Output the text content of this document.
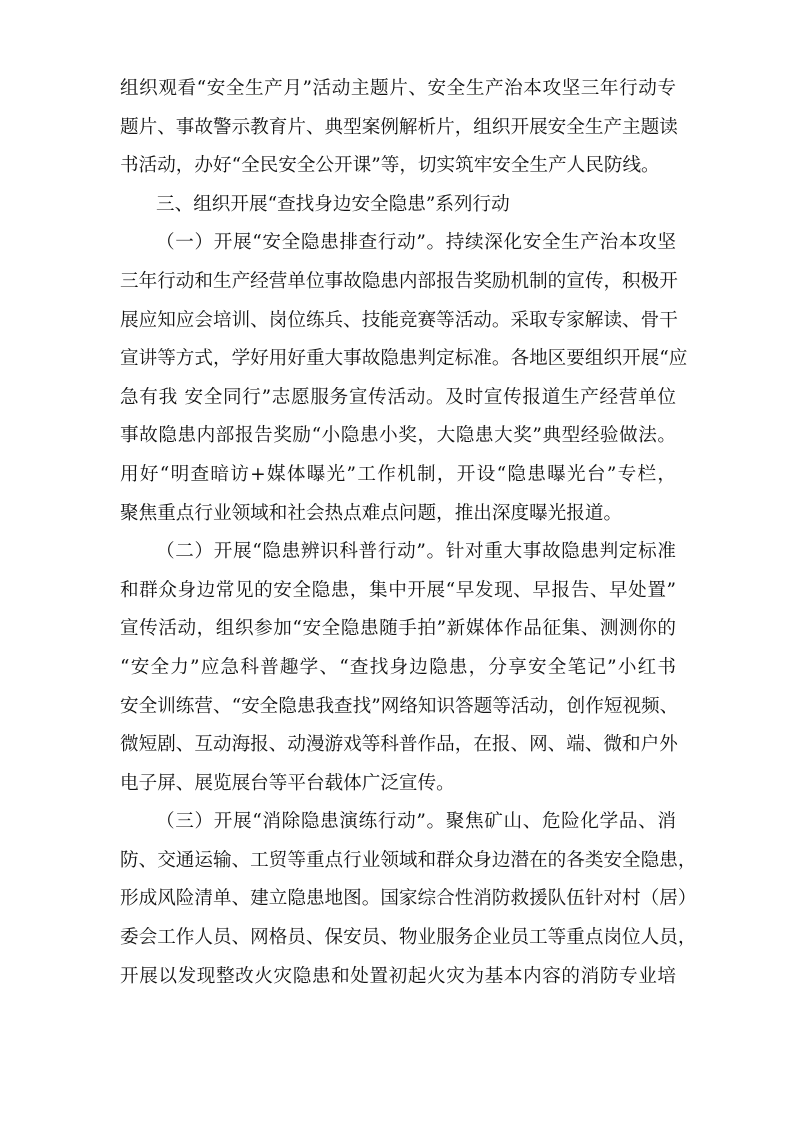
组织观看“安全生产月”活动主题片、安全生产治本攻坚三年行动专
题片、事故警示教育片、典型案例解析片，组织开展安全生产主题读
书活动，办好“全民安全公开课”等，切实筑牢安全生产人民防线。
三、组织开展“查找身边安全隐患”系列行动
（一）开展“安全隐患排查行动”。持续深化安全生产治本攻坚
三年行动和生产经营单位事故隐患内部报告奖励机制的宣传，积极开
展应知应会培训、岗位练兵、技能竞赛等活动。采取专家解读、骨干
宣讲等方式，学好用好重大事故隐患判定标准。各地区要组织开展“应
急有我 安全同行”志愿服务宣传活动。及时宣传报道生产经营单位
事故隐患内部报告奖励“小隐患小奖，大隐患大奖”典型经验做法。
用好“明查暗访+媒体曝光”工作机制，开设“隐患曝光台”专栏，
聚焦重点行业领域和社会热点难点问题，推出深度曝光报道。
（二）开展“隐患辨识科普行动”。针对重大事故隐患判定标准
和群众身边常见的安全隐患，集中开展“早发现、早报告、早处置”
宣传活动，组织参加“安全隐患随手拍”新媒体作品征集、测测你的
“安全力”应急科普趣学、“查找身边隐患，分享安全笔记”小红书
安全训练营、“安全隐患我查找”网络知识答题等活动，创作短视频、
微短剧、互动海报、动漫游戏等科普作品，在报、网、端、微和户外
电子屏、展览展台等平台载体广泛宣传。
（三）开展“消除隐患演练行动”。聚焦矿山、危险化学品、消
防、交通运输、工贸等重点行业领域和群众身边潜在的各类安全隐患，
形成风险清单、建立隐患地图。国家综合性消防救援队伍针对村（居）
委会工作人员、网格员、保安员、物业服务企业员工等重点岗位人员，
开展以发现整改火灾隐患和处置初起火灾为基本内容的消防专业培
